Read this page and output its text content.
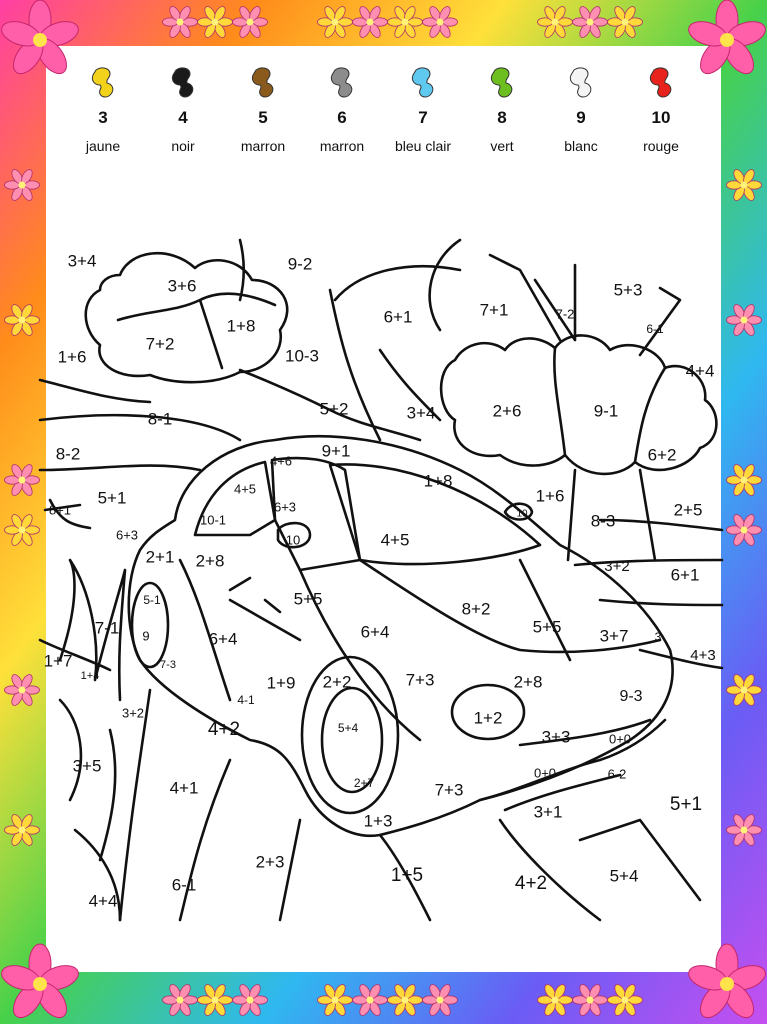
3
jaune
4
noir
5
marron
6
marron
7
bleu clair
8
vert
9
blanc
10
rouge
3+4
3+6
9-2
1+6
7+2
1+8
10-3
6+1	7+1	7-2
5+3
6-1
4+4
8-1
5+2	3+4	2+6	9-1
8-2	9+1
4+6
1+8
6+2
5+1
8+1
4+5
6+3
10-1
1+6
10
2+5
6+3
10
4+5
8-3
2+1 2+8	3+2 6+1
5-1	5+5
8+2
5+5 3+7 3
7-1 9	6+4	6+4
1+7
1+4
7-3
1+9 2+2	7+3	2+8
4+3
4-1	9-3
3+2
4+2	5+4
1+2
3+3	0+0
3+5
2+7
0+0	6-2
4+1	7+3
3+1	5+1
1+3
2+3
1+5
6-1	4+2	5+4
4+4
